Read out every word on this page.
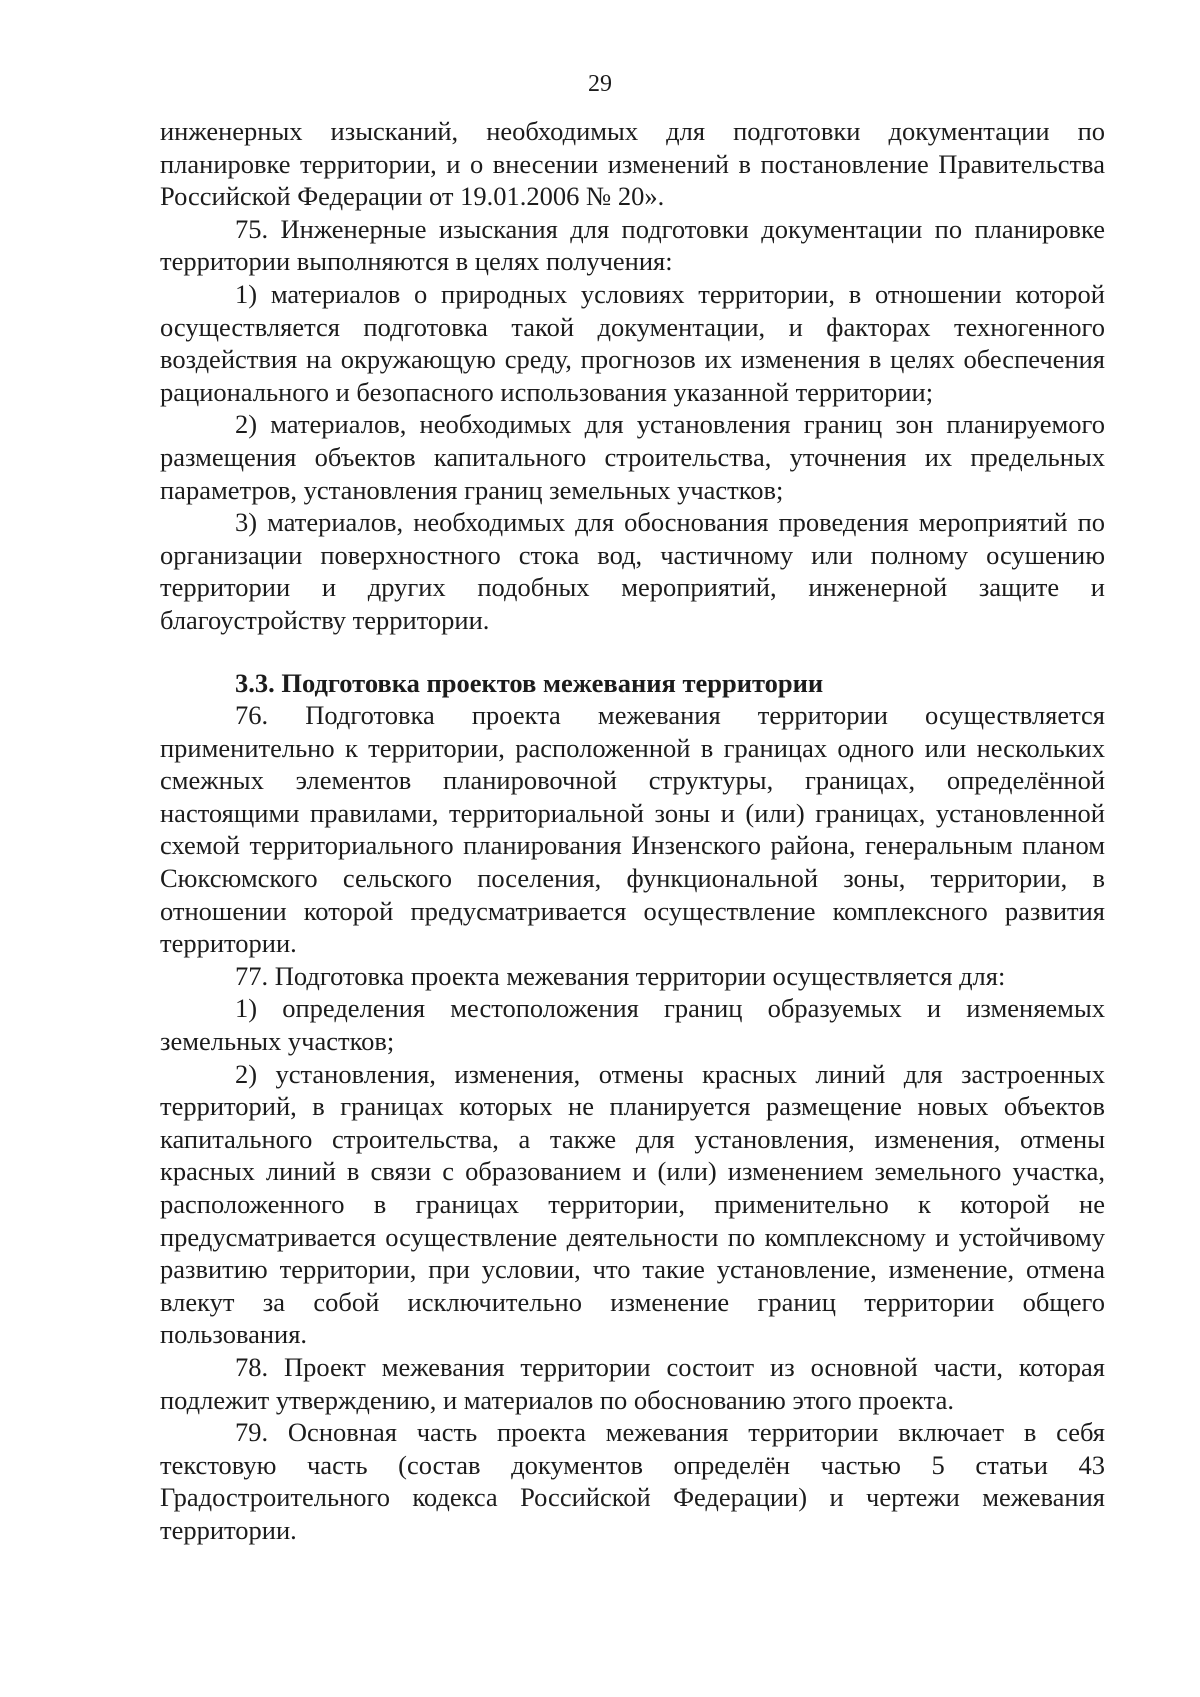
29

инженерных изысканий, необходимых для подготовки документации по планировке территории, и о внесении изменений в постановление Правительства Российской Федерации от 19.01.2006 № 20».

75. Инженерные изыскания для подготовки документации по планировке территории выполняются в целях получения:

1) материалов о природных условиях территории, в отношении которой осуществляется подготовка такой документации, и факторах техногенного воздействия на окружающую среду, прогнозов их изменения в целях обеспечения рационального и безопасного использования указанной территории;

2) материалов, необходимых для установления границ зон планируемого размещения объектов капитального строительства, уточнения их предельных параметров, установления границ земельных участков;

3) материалов, необходимых для обоснования проведения мероприятий по организации поверхностного стока вод, частичному или полному осушению территории и других подобных мероприятий, инженерной защите и благоустройству территории.

3.3. Подготовка проектов межевания территории

76. Подготовка проекта межевания территории осуществляется применительно к территории, расположенной в границах одного или нескольких смежных элементов планировочной структуры, границах, определённой настоящими правилами, территориальной зоны и (или) границах, установленной схемой территориального планирования Инзенского района, генеральным планом Сюксюмского сельского поселения, функциональной зоны, территории, в отношении которой предусматривается осуществление комплексного развития территории.

77. Подготовка проекта межевания территории осуществляется для:

1) определения местоположения границ образуемых и изменяемых земельных участков;

2) установления, изменения, отмены красных линий для застроенных территорий, в границах которых не планируется размещение новых объектов капитального строительства, а также для установления, изменения, отмены красных линий в связи с образованием и (или) изменением земельного участка, расположенного в границах территории, применительно к которой не предусматривается осуществление деятельности по комплексному и устойчивому развитию территории, при условии, что такие установление, изменение, отмена влекут за собой исключительно изменение границ территории общего пользования.

78. Проект межевания территории состоит из основной части, которая подлежит утверждению, и материалов по обоснованию этого проекта.

79. Основная часть проекта межевания территории включает в себя текстовую часть (состав документов определён частью 5 статьи 43 Градостроительного кодекса Российской Федерации) и чертежи межевания территории.
